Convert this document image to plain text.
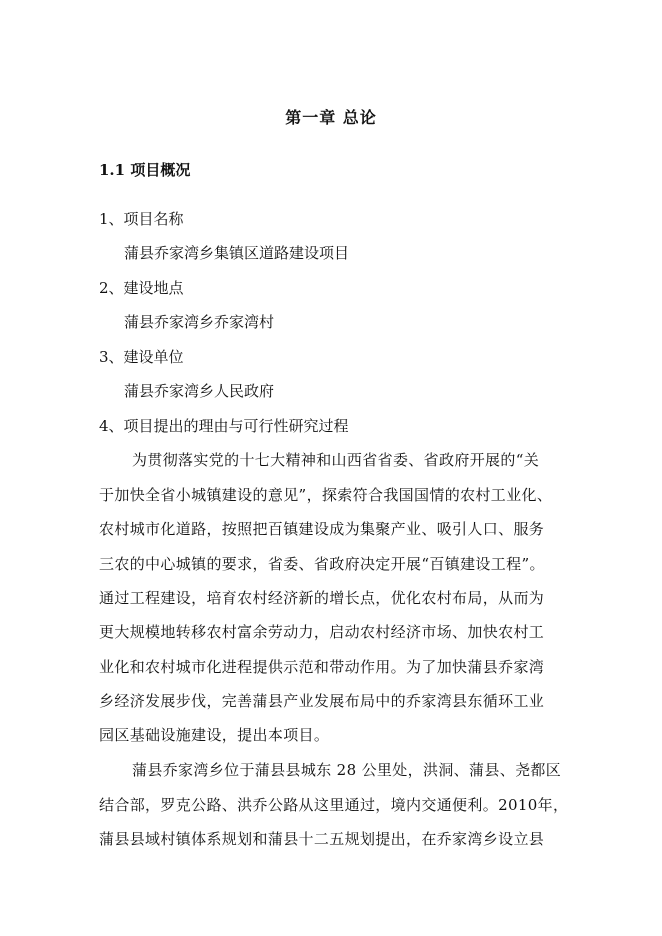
第一章 总论
1.1 项目概况
1、项目名称
蒲县乔家湾乡集镇区道路建设项目
2、建设地点
蒲县乔家湾乡乔家湾村
3、建设单位
蒲县乔家湾乡人民政府
4、项目提出的理由与可行性研究过程
为贯彻落实党的十七大精神和山西省省委、省政府开展的“关
于加快全省小城镇建设的意见”，探索符合我国国情的农村工业化、
农村城市化道路，按照把百镇建设成为集聚产业、吸引人口、服务
三农的中心城镇的要求，省委、省政府决定开展“百镇建设工程”。
通过工程建设，培育农村经济新的增长点，优化农村布局，从而为
更大规模地转移农村富余劳动力，启动农村经济市场、加快农村工
业化和农村城市化进程提供示范和带动作用。为了加快蒲县乔家湾
乡经济发展步伐，完善蒲县产业发展布局中的乔家湾县东循环工业
园区基础设施建设，提出本项目。
蒲县乔家湾乡位于蒲县县城东 28 公里处，洪洞、蒲县、尧都区
结合部，罗克公路、洪乔公路从这里通过，境内交通便利。2010年，
蒲县县域村镇体系规划和蒲县十二五规划提出，在乔家湾乡设立县
